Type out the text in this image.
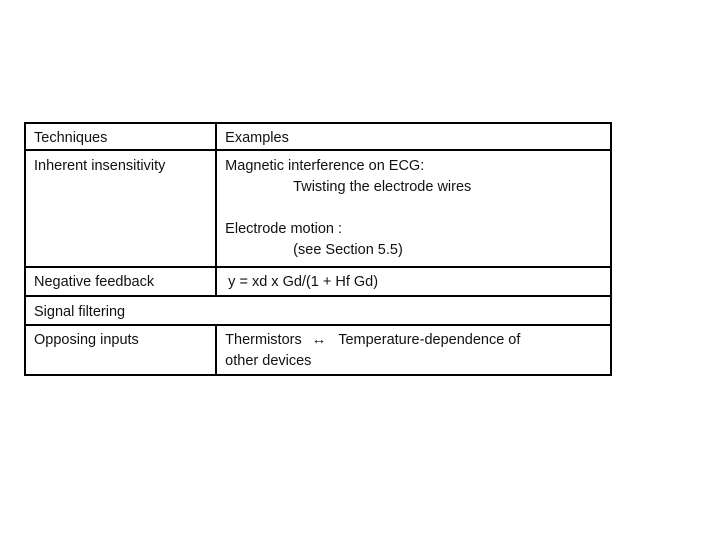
Techniques	Examples
Inherent insensitivity	Magnetic interference on ECG:
Twisting the electrode wires
Electrode motion :
(see Section 5.5)

Negative feedback	y = xd x Gd/(1 + Hf Gd)
Signal filtering	
Opposing inputs	Thermistors ↔ Temperature-dependence of
other devices
